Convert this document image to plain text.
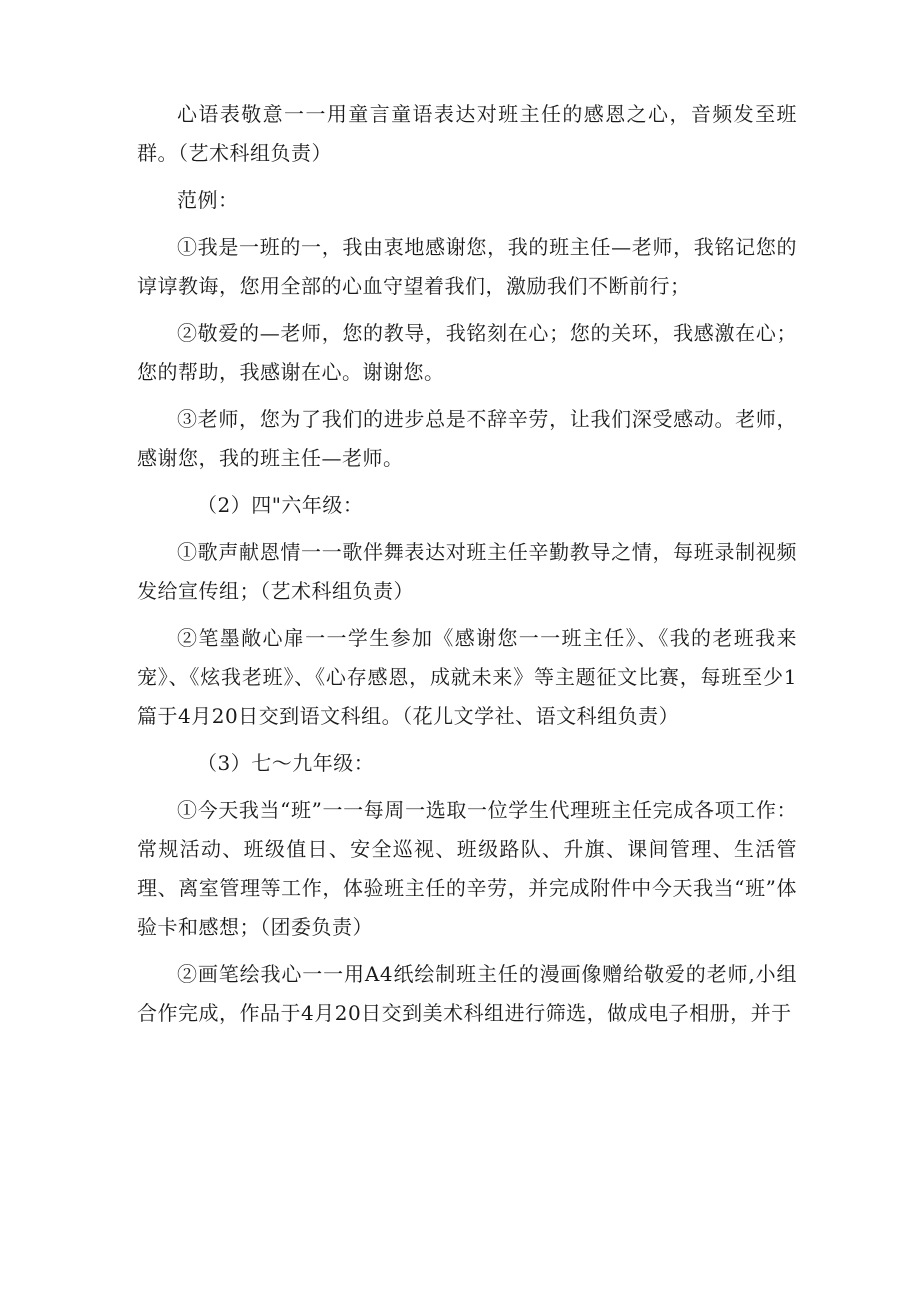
心语表敬意一一用童言童语表达对班主任的感恩之心，音频发至班群。（艺术科组负责）

范例：

①我是一班的一，我由衷地感谢您，我的班主任—老师，我铭记您的谆谆教诲，您用全部的心血守望着我们，激励我们不断前行；

②敬爱的—老师，您的教导，我铭刻在心；您的关环，我感激在心；您的帮助，我感谢在心。谢谢您。

③老师，您为了我们的进步总是不辞辛劳，让我们深受感动。老师，感谢您，我的班主任—老师。

（2）四"六年级：

①歌声献恩情一一歌伴舞表达对班主任辛勤教导之情，每班录制视频发给宣传组；（艺术科组负责）

②笔墨敞心扉一一学生参加《感谢您一一班主任》、《我的老班我来宠》、《炫我老班》、《心存感恩，成就未来》等主题征文比赛，每班至少1篇于4月20日交到语文科组。（花儿文学社、语文科组负责）

（3）七〜九年级：

①今天我当“班”一一每周一选取一位学生代理班主任完成各项工作：常规活动、班级值日、安全巡视、班级路队、升旗、课间管理、生活管理、离室管理等工作，体验班主任的辛劳，并完成附件中今天我当“班”体验卡和感想；（团委负责）

②画笔绘我心一一用A4纸绘制班主任的漫画像赠给敬爱的老师,小组合作完成，作品于4月20日交到美术科组进行筛选，做成电子相册，并于
